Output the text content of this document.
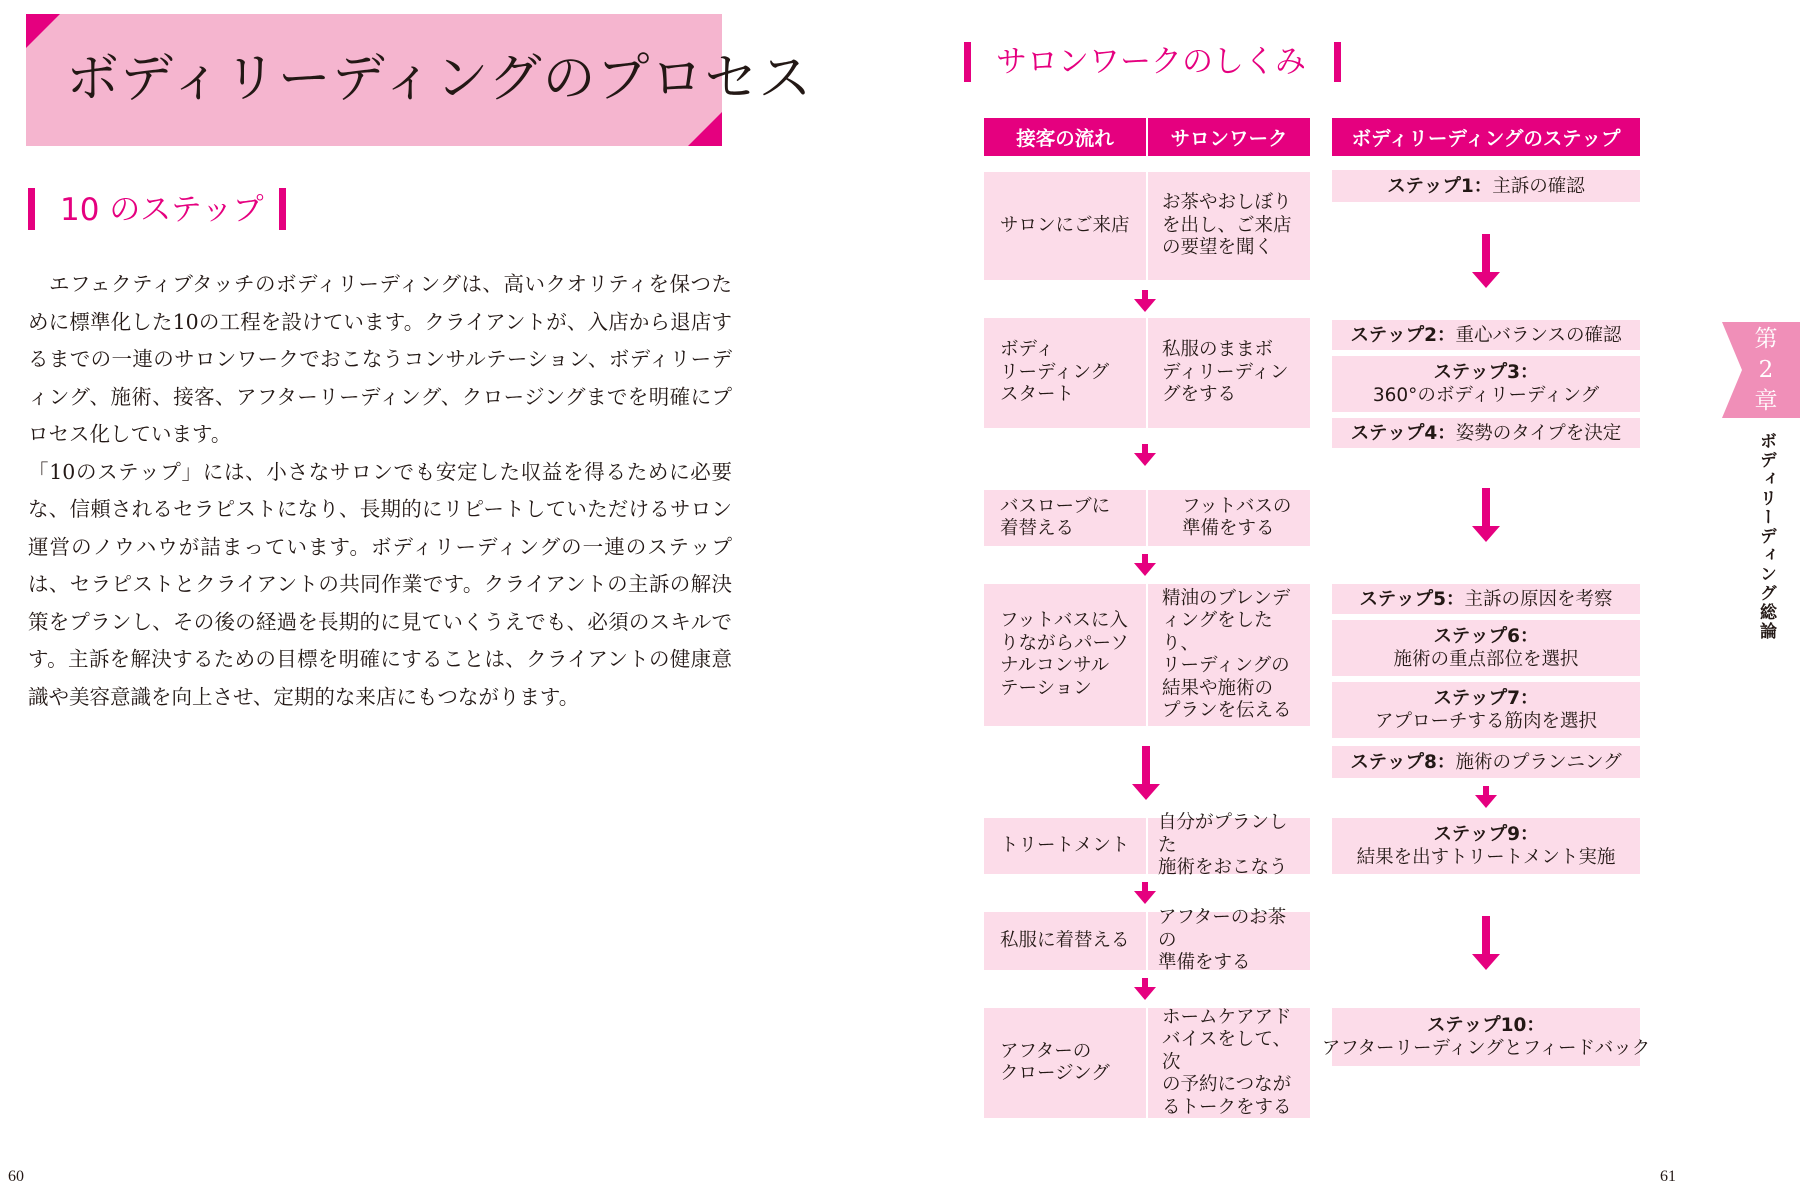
ボディリーディングのプロセス
10 のステップ

　エフェクティブタッチのボディリーディングは、高いクオリティを保つために標準化した10の工程を設けています。クライアントが、入店から退店するまでの一連のサロンワークでおこなうコンサルテーション、ボディリーディング、施術、接客、アフターリーディング、クロージングまでを明確にプロセス化しています。

「10のステップ」には、小さなサロンでも安定した収益を得るために必要な、信頼されるセラピストになり、長期的にリピートしていただけるサロン運営のノウハウが詰まっています。ボディリーディングの一連のステップは、セラピストとクライアントの共同作業です。クライアントの主訴の解決策をプランし、その後の経過を長期的に見ていくうえでも、必須のスキルです。主訴を解決するための目標を明確にすることは、クライアントの健康意識や美容意識を向上させ、定期的な来店にもつながります。

60
サロンワークのしくみ
接客の流れ	サロンワーク	ボディリーディングのステップ
サロンにご来店
お茶やおしぼり
を出し、ご来店
の要望を聞く
ボディ
リーディング
スタート
私服のままボ
ディリーディン
グをする
バスローブに
着替える
フットバスの
準備をする
フットバスに入
りながらパーソ
ナルコンサル
テーション
精油のブレンデ
ィングをしたり、
リーディングの
結果や施術の
プランを伝える
トリートメント
自分がプランした
施術をおこなう
私服に着替える
アフターのお茶の
準備をする
アフターの
クロージング
ホームケアアド
バイスをして、次
の予約につなが
るトークをする
ステップ1 ： 主訴の確認
ステップ2 ： 重心バランスの確認
ステップ3：
360°のボディリーディング
ステップ4 ： 姿勢のタイプを決定
ステップ5 ： 主訴の原因を考察
ステップ6：
施術の重点部位を選択
ステップ7：
アプローチする筋肉を選択
ステップ8 ： 施術のプランニング
ステップ9：
結果を出すトリートメント実施
ステップ10：
アフターリーディングとフィードバック
第
2
章
ボディリーディング総論
61
